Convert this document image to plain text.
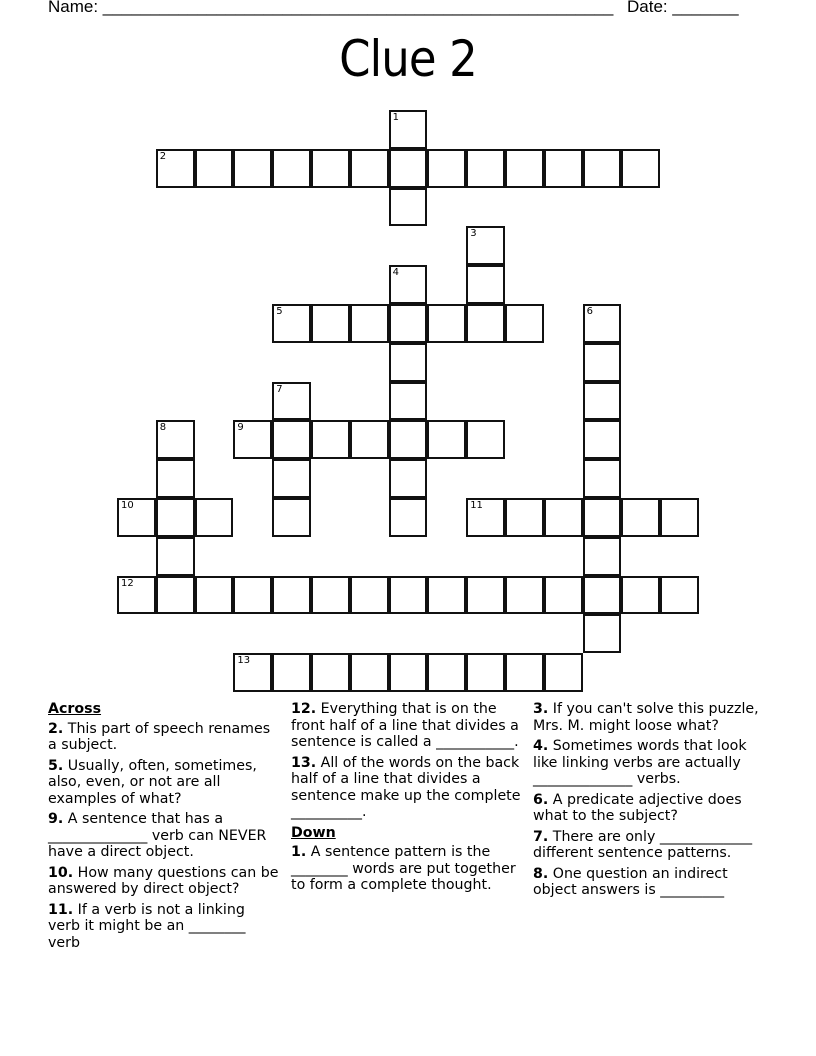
Name: ______________________________________________________ Date: _______
Clue 2
1
2
3
4
5	6
7
8	9
10	11
12
13
Across
2. This part of speech renames a subject.
5. Usually, often, sometimes, also, even, or not are all examples of what?
9. A sentence that has a ______________ verb can NEVER have a direct object.
10. How many questions can be answered by direct object?
11. If a verb is not a linking verb it might be an ________ verb
12. Everything that is on the front half of a line that divides a sentence is called a ___________.
13. All of the words on the back half of a line that divides a sentence make up the complete __________.
Down
1. A sentence pattern is the ________ words are put together to form a complete thought.
3. If you can't solve this puzzle, Mrs. M. might loose what?
4. Sometimes words that look like linking verbs are actually ______________ verbs.
6. A predicate adjective does what to the subject?
7. There are only _____________ different sentence patterns.
8. One question an indirect object answers is _________
